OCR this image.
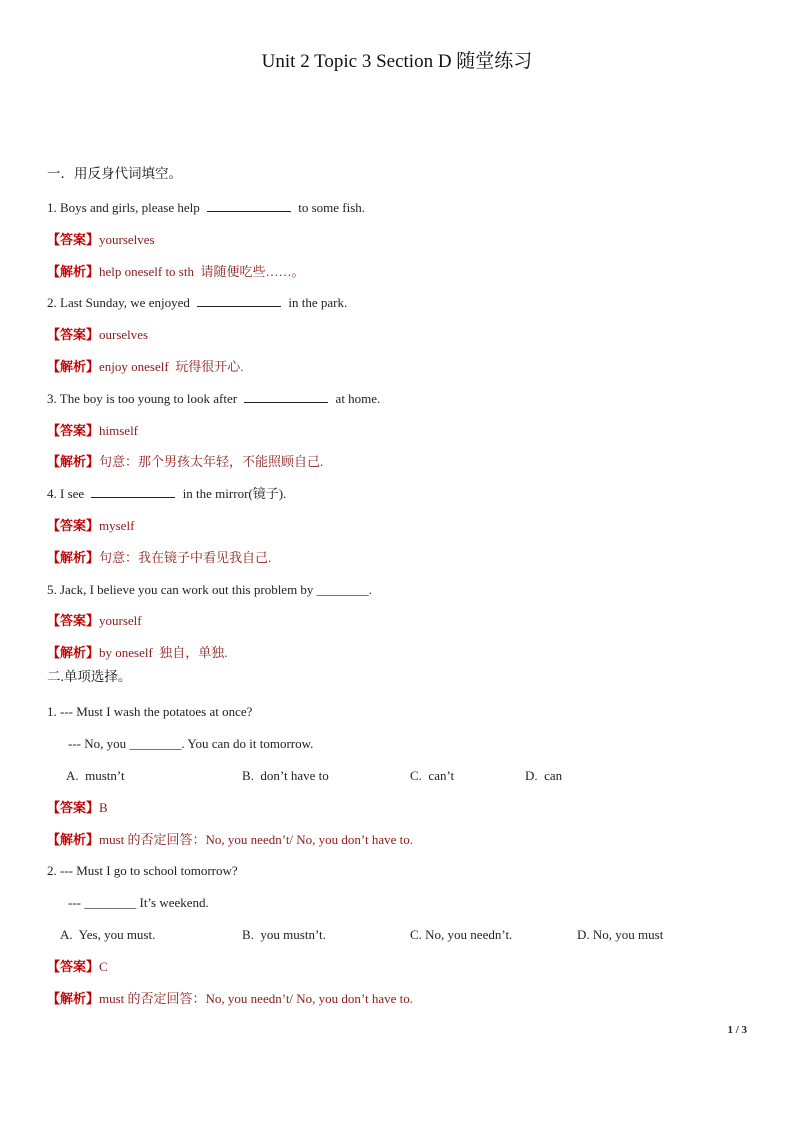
Unit 2 Topic 3 Section D 随堂练习
一．用反身代词填空。
1. Boys and girls, please help	to some fish.
【答案】yourselves
【解析】help oneself to sth  请随便吃些……。
2. Last Sunday, we enjoyed	in the park.
【答案】ourselves
【解析】enjoy oneself  玩得很开心.
3. The boy is too young to look after	at home.
【答案】himself
【解析】句意：那个男孩太年轻，不能照顾自己.
4. I see	in the mirror(镜子).
【答案】myself
【解析】句意：我在镜子中看见我自己.
5. Jack, I believe you can work out this problem by ________.
【答案】yourself
【解析】by oneself  独自，单独.
二.单项选择。
1. --- Must I wash the potatoes at once?
--- No, you ________. You can do it tomorrow.
A.  mustn’t	B.  don’t have to	C.  can’t	D.  can
【答案】B
【解析】must 的否定回答：No, you needn’t/ No, you don’t have to.
2. --- Must I go to school tomorrow?
--- ________ It’s weekend.
A.  Yes, you must.	B.  you mustn’t.	C. No, you needn’t.	D. No, you must
【答案】C
【解析】must 的否定回答：No, you needn’t/ No, you don’t have to.
1 / 3
